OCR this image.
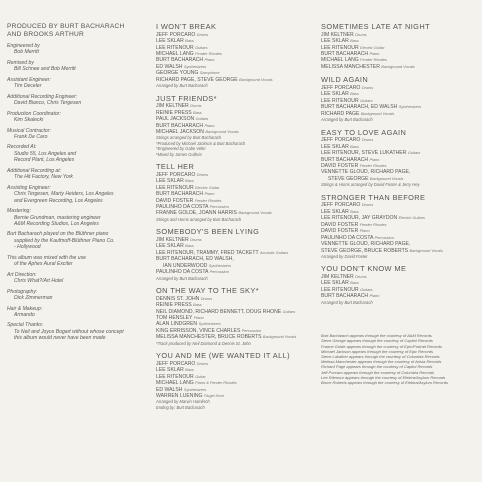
PRODUCED BY BURT BACHARACH
AND BROOKS ARTHUR
Engineered by
Bob Merritt
Remixed by
Bill Schnee and Bob Merritt
Assistant Engineer:
Tim Deceler
Additional Recording Engineer:
David Bianco, Chris Tergesen
Production Coordinator:
Kim Skalecki
Musical Contractor:
Frank De Caro
Recorded At:
Studio 55, Los Angeles and
Record Plant, Los Angeles
Additional Recording at:
The Hit Factory, New York
Assisting Engineer:
Chris Tergesen, Marty Heiders, Los Angeles
and Evergreen Recording, Los Angeles
Mastering:
Bernie Grundman, mastering engineer
A&M Recording Studios, Los Angeles
Burt Bacharach played on the Blüthner piano
supplied by the Kaufmoff-Blüthner Piano Co.
- Hollywood
This album was mixed with the use
of the Aphex Aural Exciter
Art Direction:
Chris What?/Art Hotel
Photography:
Dick Zimmerman
Hair & Makeup:
Armando
Special Thanks:
To Neil and Joyce Bogart without whose concept
this album would never have been made
I WON'T BREAK
JEFF PORCARO Drums
LEE SKLAR Bass
LEE RITENOUR Guitars
MICHAEL LANG Fender Rhodes
BURT BACHARACH Piano
ED WALSH Synthesizers
GEORGE YOUNG Saxophone
RICHARD PAGE, STEVE GEORGE Background Vocals
Arranged by Burt Bacharach
JUST FRIENDS*
JIM KELTNER Drums
REINIE PRESS Bass
PAUL JACKSON Guitars
BURT BACHARACH Piano
MICHAEL JACKSON Background Vocals
Strings arranged by Burt Bacharach
*Produced by Michael Jackson & Burt Bacharach
*Engineered by Gabe Veltri
*Mixed by James Guthrie
TELL HER
JEFF PORCARO Drums
LEE SKLAR Bass
LEE RITENOUR Electric Guitar
BURT BACHARACH Piano
DAVID FOSTER Fender Rhodes
PAULINHO DA COSTA Percussion
FRANNE GOLDE, JOANN HARRIS Background Vocals
Strings and Horns arranged by Burt Bacharach
SOMEBODY'S BEEN LYING
JIM KELTNER Drums
LEE SKLAR Bass
LEE RITENOUR, TRAMMY, FRED TACKETT Acoustic Guitars
BURT BACHARACH, ED WALSH,
IAN UNDERWOOD Synthesizers
PAULINHO DA COSTA Percussion
Arranged by Burt Bacharach
ON THE WAY TO THE SKY*
DENNIS ST. JOHN Drums
REINIE PRESS Bass
NEIL DIAMOND, RICHARD BENNETT, DOUG RHONE Guitars
TOM HENSLEY Piano
ALAN LINDGREN Synthesizers
KING ERRISSON, VINCE CHARLES Percussion
MELISSA MANCHESTER, BRUCE ROBERTS Background Vocals
*Track produced by Neil Diamond & Dennis St. John
YOU AND ME (WE WANTED IT ALL)
JEFF PORCARO Drums
LEE SKLAR Bass
LEE RITENOUR Guitar
MICHAEL LANG Piano & Fender Rhodes
ED WALSH Synthesizers
WARREN LUENING Flugel Horn
Arranged by Marvin Hamlisch
Ending by: Burt Bacharach
SOMETIMES LATE AT NIGHT
JIM KELTNER Drums
LEE SKLAR Bass
LEE RITENOUR Electric Guitar
BURT BACHARACH Piano
MICHAEL LANG Fender Rhodes
MELISSA MANCHESTER Background Vocals
WILD AGAIN
JEFF PORCARO Drums
LEE SKLAR Bass
LEE RITENOUR Guitars
BURT BACHARACH, ED WALSH Synthesizers
RICHARD PAGE Background Vocals
Arranged by Burt Bacharach
EASY TO LOVE AGAIN
JEFF PORCARO Drums
LEE SKLAR Bass
LEE RITENOUR, STEVE LUKATHER Guitars
BURT BACHARACH Piano
DAVID FOSTER Fender Rhodes
VENNETTE GLOUD, RICHARD PAGE,
STEVE GEORGE Background Vocals
Strings & Horns arranged by David Foster & Jerry Hey
STRONGER THAN BEFORE
JEFF PORCARO Drums
LEE SKLAR Bass
LEE RITENOUR, JAY GRAYDON Electric Guitars
DAVID FOSTER Fender Rhodes
DAVID FOSTER Piano
PAULINHO DA COSTA Percussion
VENNETTE GLOUD, RICHARD PAGE,
STEVE GEORGE, BRUCE ROBERTS Background Vocals
Arranged by David Foster
YOU DON'T KNOW ME
JIM KELTNER Drums
LEE SKLAR Bass
LEE RITENOUR Guitars
BURT BACHARACH Piano
Arranged by Burt Bacharach
Burt Bacharach appears through the courtesy of A&M Records
Steve George appears through the courtesy of Capitol Records
Franne Golde appears through the courtesy of Epic/Portrait Records
Michael Jackson appears through the courtesy of Epic Records
Steve Lukather appears through the courtesy of Columbia Records
Melissa Manchester appears through the courtesy of Arista Records
Richard Page appears through the courtesy of Capitol Records
Jeff Porcaro appears through the courtesy of Columbia Records
Lee Ritenour appears through the courtesy of Elektra/Asylum Records
Bruce Roberts appears through the courtesy of Elektra/Asylum Records
